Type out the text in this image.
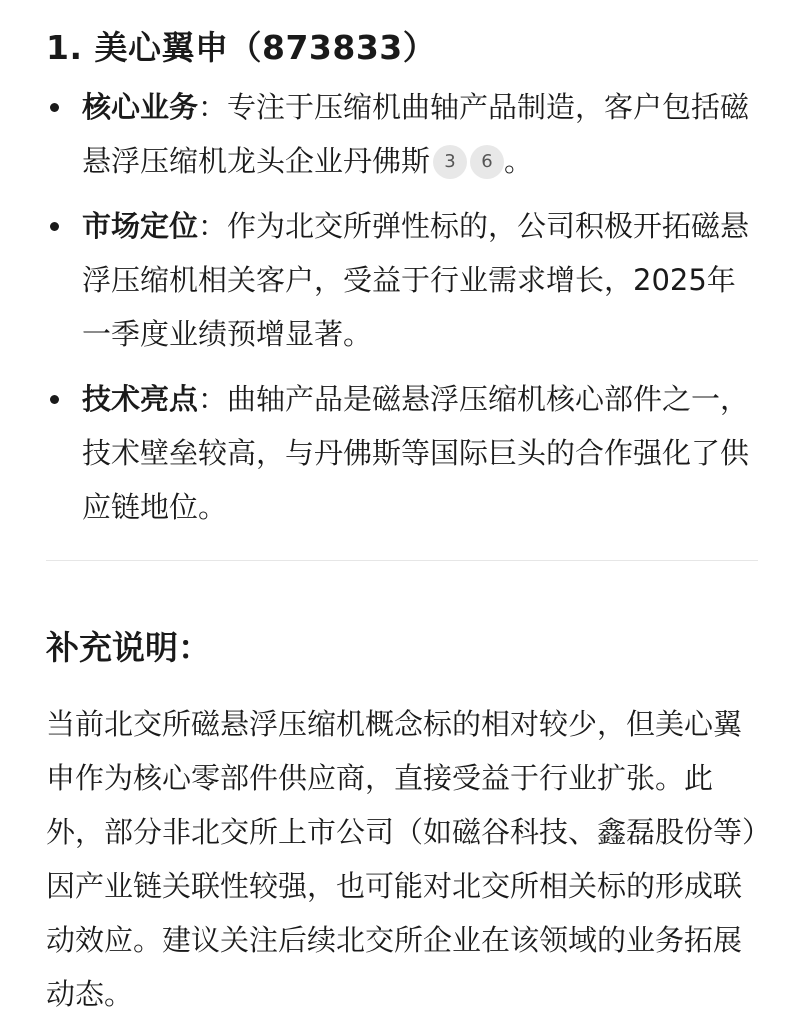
1. 美心翼申（873833）
核心业务：专注于压缩机曲轴产品制造，客户包括磁悬浮压缩机龙头企业丹佛斯 3 6 。
市场定位：作为北交所弹性标的，公司积极开拓磁悬浮压缩机相关客户，受益于行业需求增长，2025年一季度业绩预增显著。
技术亮点：曲轴产品是磁悬浮压缩机核心部件之一，技术壁垒较高，与丹佛斯等国际巨头的合作强化了供应链地位。
补充说明：

当前北交所磁悬浮压缩机概念标的相对较少，但美心翼申作为核心零部件供应商，直接受益于行业扩张。此外，部分非北交所上市公司（如磁谷科技、鑫磊股份等）因产业链关联性较强，也可能对北交所相关标的形成联动效应。建议关注后续北交所企业在该领域的业务拓展动态。
